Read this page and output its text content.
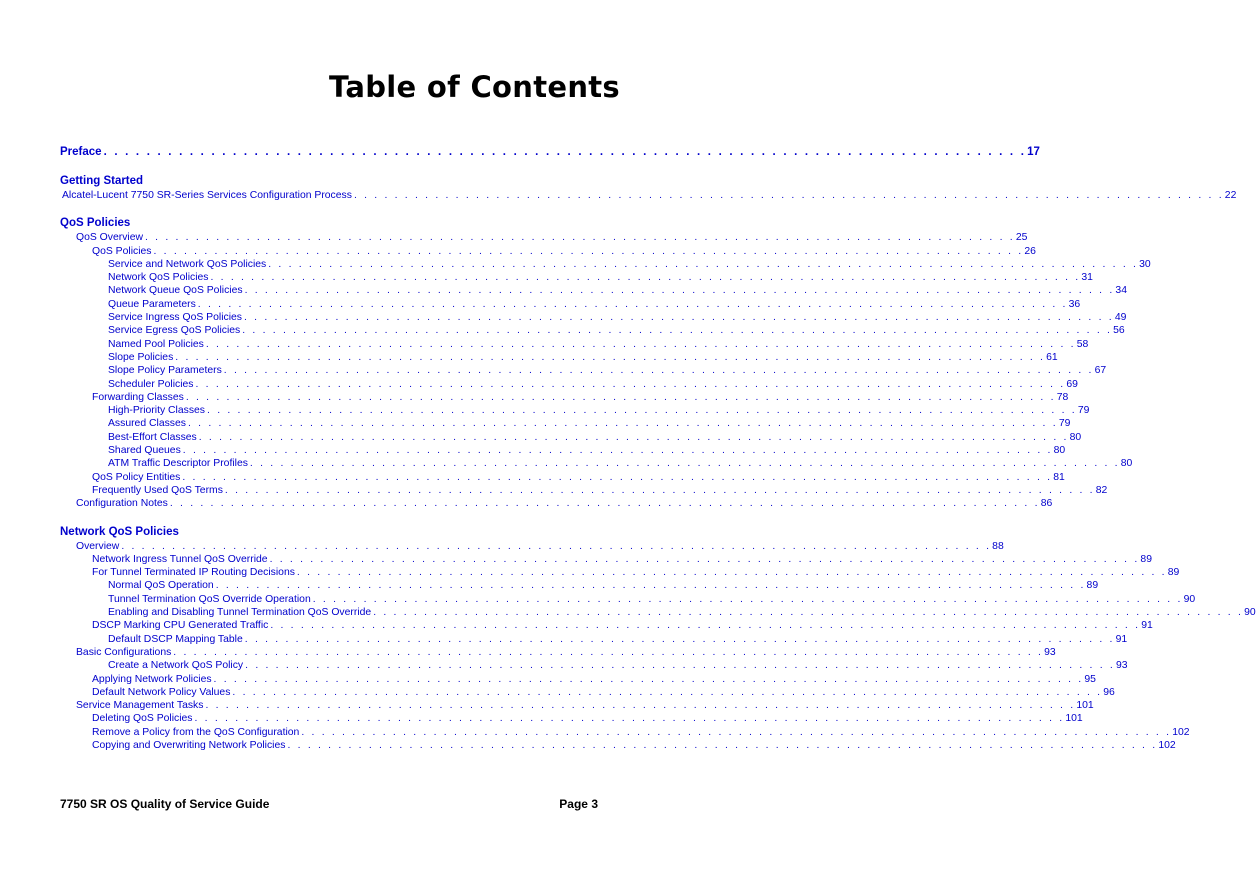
Table of Contents
Preface . . . . . . . . . . . . . . . . . . . . . . . . . . . . . . . . . . . . . . . . . . . . . . . . . . . . . . . . . . . . . . . . . . . . . . . . . . . . . . . . . . . . . . 17
Getting Started
Alcatel-Lucent 7750 SR-Series Services Configuration Process . . . . . . . . . . . . . . . . . . . . . . . . . . . . . . . . . . . . . . . . . . . . . . . . . . . . . . . . . . . . . . . . . . . . . . . . . . . . . . . . . . . . . . 22
QoS Policies
QoS Overview . . . . . . . . . . . . . . . . . . . . . . . . . . . . . . . . . . . . . . . . . . . . . . . . . . . . . . . . . . . . . . . . . . . . . . . . . . . . . . . . . . . . . . 25
QoS Policies . . . . . . . . . . . . . . . . . . . . . . . . . . . . . . . . . . . . . . . . . . . . . . . . . . . . . . . . . . . . . . . . . . . . . . . . . . . . . . . . . . . . . . 26
Service and Network QoS Policies . . . . . . . . . . . . . . . . . . . . . . . . . . . . . . . . . . . . . . . . . . . . . . . . . . . . . . . . . . . . . . . . . . . . . . . . . . . . . . . . . . . . . . 30
Network QoS Policies . . . . . . . . . . . . . . . . . . . . . . . . . . . . . . . . . . . . . . . . . . . . . . . . . . . . . . . . . . . . . . . . . . . . . . . . . . . . . . . . . . . . . . 31
Network Queue QoS Policies . . . . . . . . . . . . . . . . . . . . . . . . . . . . . . . . . . . . . . . . . . . . . . . . . . . . . . . . . . . . . . . . . . . . . . . . . . . . . . . . . . . . . . 34
Queue Parameters . . . . . . . . . . . . . . . . . . . . . . . . . . . . . . . . . . . . . . . . . . . . . . . . . . . . . . . . . . . . . . . . . . . . . . . . . . . . . . . . . . . . . . 36
Service Ingress QoS Policies . . . . . . . . . . . . . . . . . . . . . . . . . . . . . . . . . . . . . . . . . . . . . . . . . . . . . . . . . . . . . . . . . . . . . . . . . . . . . . . . . . . . . . 49
Service Egress QoS Policies . . . . . . . . . . . . . . . . . . . . . . . . . . . . . . . . . . . . . . . . . . . . . . . . . . . . . . . . . . . . . . . . . . . . . . . . . . . . . . . . . . . . . . 56
Named Pool Policies . . . . . . . . . . . . . . . . . . . . . . . . . . . . . . . . . . . . . . . . . . . . . . . . . . . . . . . . . . . . . . . . . . . . . . . . . . . . . . . . . . . . . . 58
Slope Policies . . . . . . . . . . . . . . . . . . . . . . . . . . . . . . . . . . . . . . . . . . . . . . . . . . . . . . . . . . . . . . . . . . . . . . . . . . . . . . . . . . . . . . 61
Slope Policy Parameters . . . . . . . . . . . . . . . . . . . . . . . . . . . . . . . . . . . . . . . . . . . . . . . . . . . . . . . . . . . . . . . . . . . . . . . . . . . . . . . . . . . . . . 67
Scheduler Policies . . . . . . . . . . . . . . . . . . . . . . . . . . . . . . . . . . . . . . . . . . . . . . . . . . . . . . . . . . . . . . . . . . . . . . . . . . . . . . . . . . . . . . 69
Forwarding Classes . . . . . . . . . . . . . . . . . . . . . . . . . . . . . . . . . . . . . . . . . . . . . . . . . . . . . . . . . . . . . . . . . . . . . . . . . . . . . . . . . . . . . . 78
High-Priority Classes . . . . . . . . . . . . . . . . . . . . . . . . . . . . . . . . . . . . . . . . . . . . . . . . . . . . . . . . . . . . . . . . . . . . . . . . . . . . . . . . . . . . . . 79
Assured Classes . . . . . . . . . . . . . . . . . . . . . . . . . . . . . . . . . . . . . . . . . . . . . . . . . . . . . . . . . . . . . . . . . . . . . . . . . . . . . . . . . . . . . . 79
Best-Effort Classes . . . . . . . . . . . . . . . . . . . . . . . . . . . . . . . . . . . . . . . . . . . . . . . . . . . . . . . . . . . . . . . . . . . . . . . . . . . . . . . . . . . . . . 80
Shared Queues . . . . . . . . . . . . . . . . . . . . . . . . . . . . . . . . . . . . . . . . . . . . . . . . . . . . . . . . . . . . . . . . . . . . . . . . . . . . . . . . . . . . . . 80
ATM Traffic Descriptor Profiles . . . . . . . . . . . . . . . . . . . . . . . . . . . . . . . . . . . . . . . . . . . . . . . . . . . . . . . . . . . . . . . . . . . . . . . . . . . . . . . . . . . . . . 80
QoS Policy Entities . . . . . . . . . . . . . . . . . . . . . . . . . . . . . . . . . . . . . . . . . . . . . . . . . . . . . . . . . . . . . . . . . . . . . . . . . . . . . . . . . . . . . . 81
Frequently Used QoS Terms . . . . . . . . . . . . . . . . . . . . . . . . . . . . . . . . . . . . . . . . . . . . . . . . . . . . . . . . . . . . . . . . . . . . . . . . . . . . . . . . . . . . . . 82
Configuration Notes . . . . . . . . . . . . . . . . . . . . . . . . . . . . . . . . . . . . . . . . . . . . . . . . . . . . . . . . . . . . . . . . . . . . . . . . . . . . . . . . . . . . . . 86
Network QoS Policies
Overview . . . . . . . . . . . . . . . . . . . . . . . . . . . . . . . . . . . . . . . . . . . . . . . . . . . . . . . . . . . . . . . . . . . . . . . . . . . . . . . . . . . . . . 88
Network Ingress Tunnel QoS Override . . . . . . . . . . . . . . . . . . . . . . . . . . . . . . . . . . . . . . . . . . . . . . . . . . . . . . . . . . . . . . . . . . . . . . . . . . . . . . . . . . . . . . 89
For Tunnel Terminated IP Routing Decisions . . . . . . . . . . . . . . . . . . . . . . . . . . . . . . . . . . . . . . . . . . . . . . . . . . . . . . . . . . . . . . . . . . . . . . . . . . . . . . . . . . . . . . 89
Normal QoS Operation . . . . . . . . . . . . . . . . . . . . . . . . . . . . . . . . . . . . . . . . . . . . . . . . . . . . . . . . . . . . . . . . . . . . . . . . . . . . . . . . . . . . . . 89
Tunnel Termination QoS Override Operation . . . . . . . . . . . . . . . . . . . . . . . . . . . . . . . . . . . . . . . . . . . . . . . . . . . . . . . . . . . . . . . . . . . . . . . . . . . . . . . . . . . . . . 90
Enabling and Disabling Tunnel Termination QoS Override . . . . . . . . . . . . . . . . . . . . . . . . . . . . . . . . . . . . . . . . . . . . . . . . . . . . . . . . . . . . . . . . . . . . . . . . . . . . . . . . . . . . . . 90
DSCP Marking CPU Generated Traffic . . . . . . . . . . . . . . . . . . . . . . . . . . . . . . . . . . . . . . . . . . . . . . . . . . . . . . . . . . . . . . . . . . . . . . . . . . . . . . . . . . . . . . 91
Default DSCP Mapping Table . . . . . . . . . . . . . . . . . . . . . . . . . . . . . . . . . . . . . . . . . . . . . . . . . . . . . . . . . . . . . . . . . . . . . . . . . . . . . . . . . . . . . . 91
Basic Configurations . . . . . . . . . . . . . . . . . . . . . . . . . . . . . . . . . . . . . . . . . . . . . . . . . . . . . . . . . . . . . . . . . . . . . . . . . . . . . . . . . . . . . . 93
Create a Network QoS Policy . . . . . . . . . . . . . . . . . . . . . . . . . . . . . . . . . . . . . . . . . . . . . . . . . . . . . . . . . . . . . . . . . . . . . . . . . . . . . . . . . . . . . . 93
Applying Network Policies . . . . . . . . . . . . . . . . . . . . . . . . . . . . . . . . . . . . . . . . . . . . . . . . . . . . . . . . . . . . . . . . . . . . . . . . . . . . . . . . . . . . . . 95
Default Network Policy Values . . . . . . . . . . . . . . . . . . . . . . . . . . . . . . . . . . . . . . . . . . . . . . . . . . . . . . . . . . . . . . . . . . . . . . . . . . . . . . . . . . . . . . 96
Service Management Tasks . . . . . . . . . . . . . . . . . . . . . . . . . . . . . . . . . . . . . . . . . . . . . . . . . . . . . . . . . . . . . . . . . . . . . . . . . . . . . . . . . . . . . . 101
Deleting QoS Policies . . . . . . . . . . . . . . . . . . . . . . . . . . . . . . . . . . . . . . . . . . . . . . . . . . . . . . . . . . . . . . . . . . . . . . . . . . . . . . . . . . . . . . 101
Remove a Policy from the QoS Configuration . . . . . . . . . . . . . . . . . . . . . . . . . . . . . . . . . . . . . . . . . . . . . . . . . . . . . . . . . . . . . . . . . . . . . . . . . . . . . . . . . . . . . . 102
Copying and Overwriting Network Policies . . . . . . . . . . . . . . . . . . . . . . . . . . . . . . . . . . . . . . . . . . . . . . . . . . . . . . . . . . . . . . . . . . . . . . . . . . . . . . . . . . . . . . 102
7750 SR OS Quality of Service Guide	Page 3
